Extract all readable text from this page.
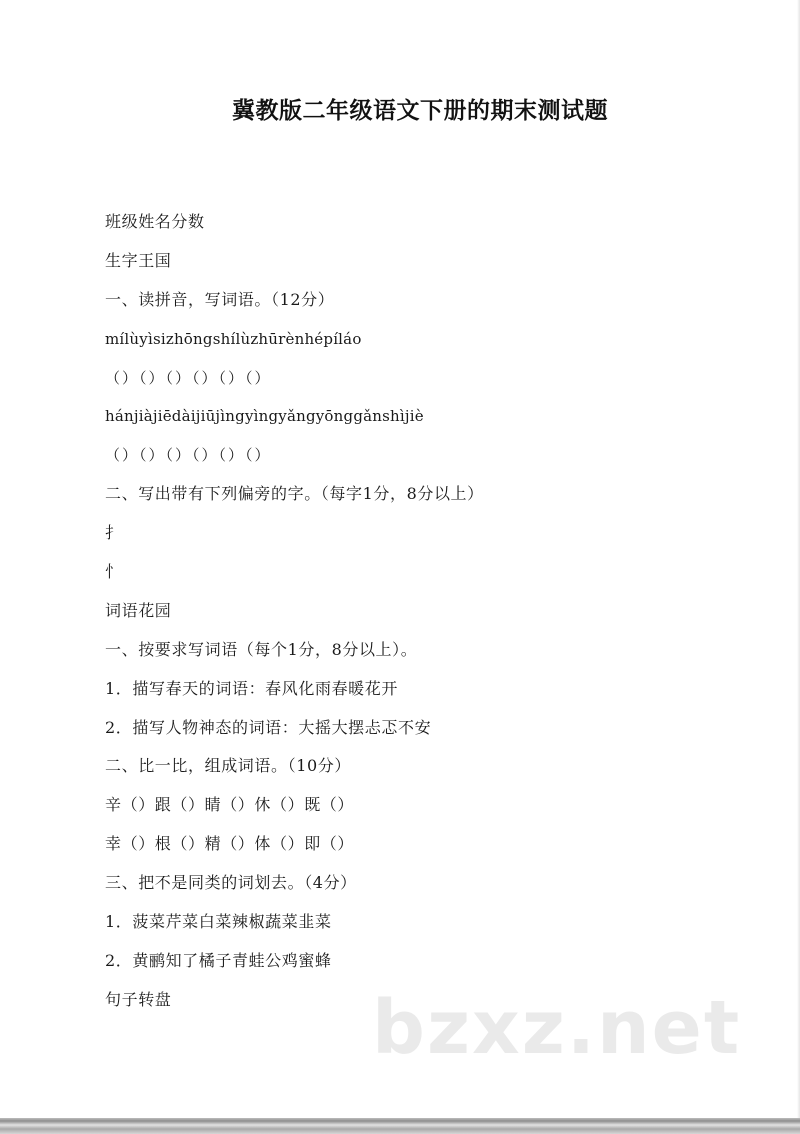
冀教版二年级语文下册的期末测试题
班级姓名分数
生字王国
一、读拼音，写词语。（12分）
mílùyìsizhōngshílùzhūrènhépíláo
（）（）（）（）（）（）
hánjiàjiēdàijiūjìngyìngyǎngyōnggǎnshìjiè
（）（）（）（）（）（）
二、写出带有下列偏旁的字。（每字1分，8分以上）
扌
忄
词语花园
一、按要求写词语（每个1分，8分以上）。
1．描写春天的词语：春风化雨春暖花开
2．描写人物神态的词语：大摇大摆忐忑不安
二、比一比，组成词语。（10分）
辛（）跟（）睛（）休（）既（）
幸（）根（）精（）体（）即（）
三、把不是同类的词划去。（4分）
1．菠菜芹菜白菜辣椒蔬菜韭菜
2．黄鹂知了橘子青蛙公鸡蜜蜂
句子转盘	bzxz.net
